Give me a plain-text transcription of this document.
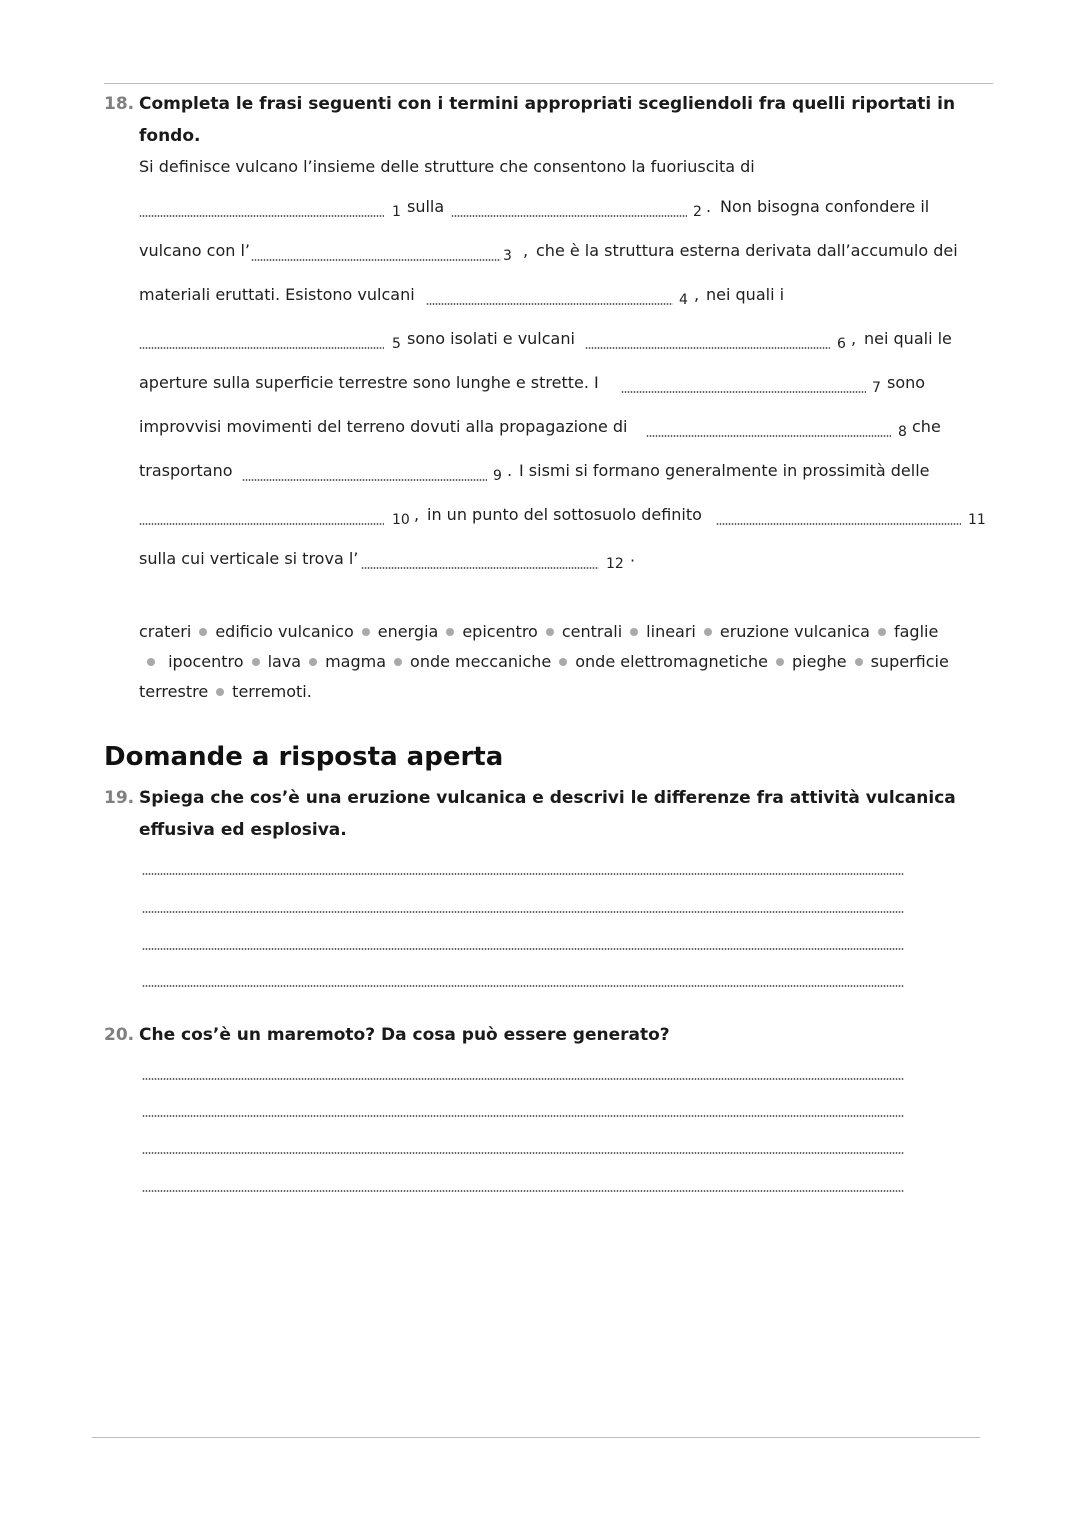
18. Completa le frasi seguenti con i termini appropriati scegliendoli fra quelli riportati in
fondo.
Si definisce vulcano l’insieme delle strutture che consentono la fuoriuscita di
1 sulla	2 . Non bisogna confondere il
vulcano con l’	3 , che è la struttura esterna derivata dall’accumulo dei
materiali eruttati. Esistono vulcani	4 , nei quali i
5 sono isolati e vulcani	6 , nei quali le
aperture sulla superficie terrestre sono lunghe e strette. I	7 sono
improvvisi movimenti del terreno dovuti alla propagazione di	8 che
trasportano	9 . I sismi si formano generalmente in prossimità delle
10 , in un punto del sottosuolo definito	11
sulla cui verticale si trova l’	12 ·
crateri edificio vulcanico energia epicentro centrali lineari eruzione vulcanica faglie ipocentro lava magma onde meccaniche onde elettromagnetiche pieghe superficie terrestre terremoti.
Domande a risposta aperta
19. Spiega che cos’è una eruzione vulcanica e descrivi le differenze fra attività vulcanica
effusiva ed esplosiva.
20. Che cos’è un maremoto? Da cosa può essere generato?
